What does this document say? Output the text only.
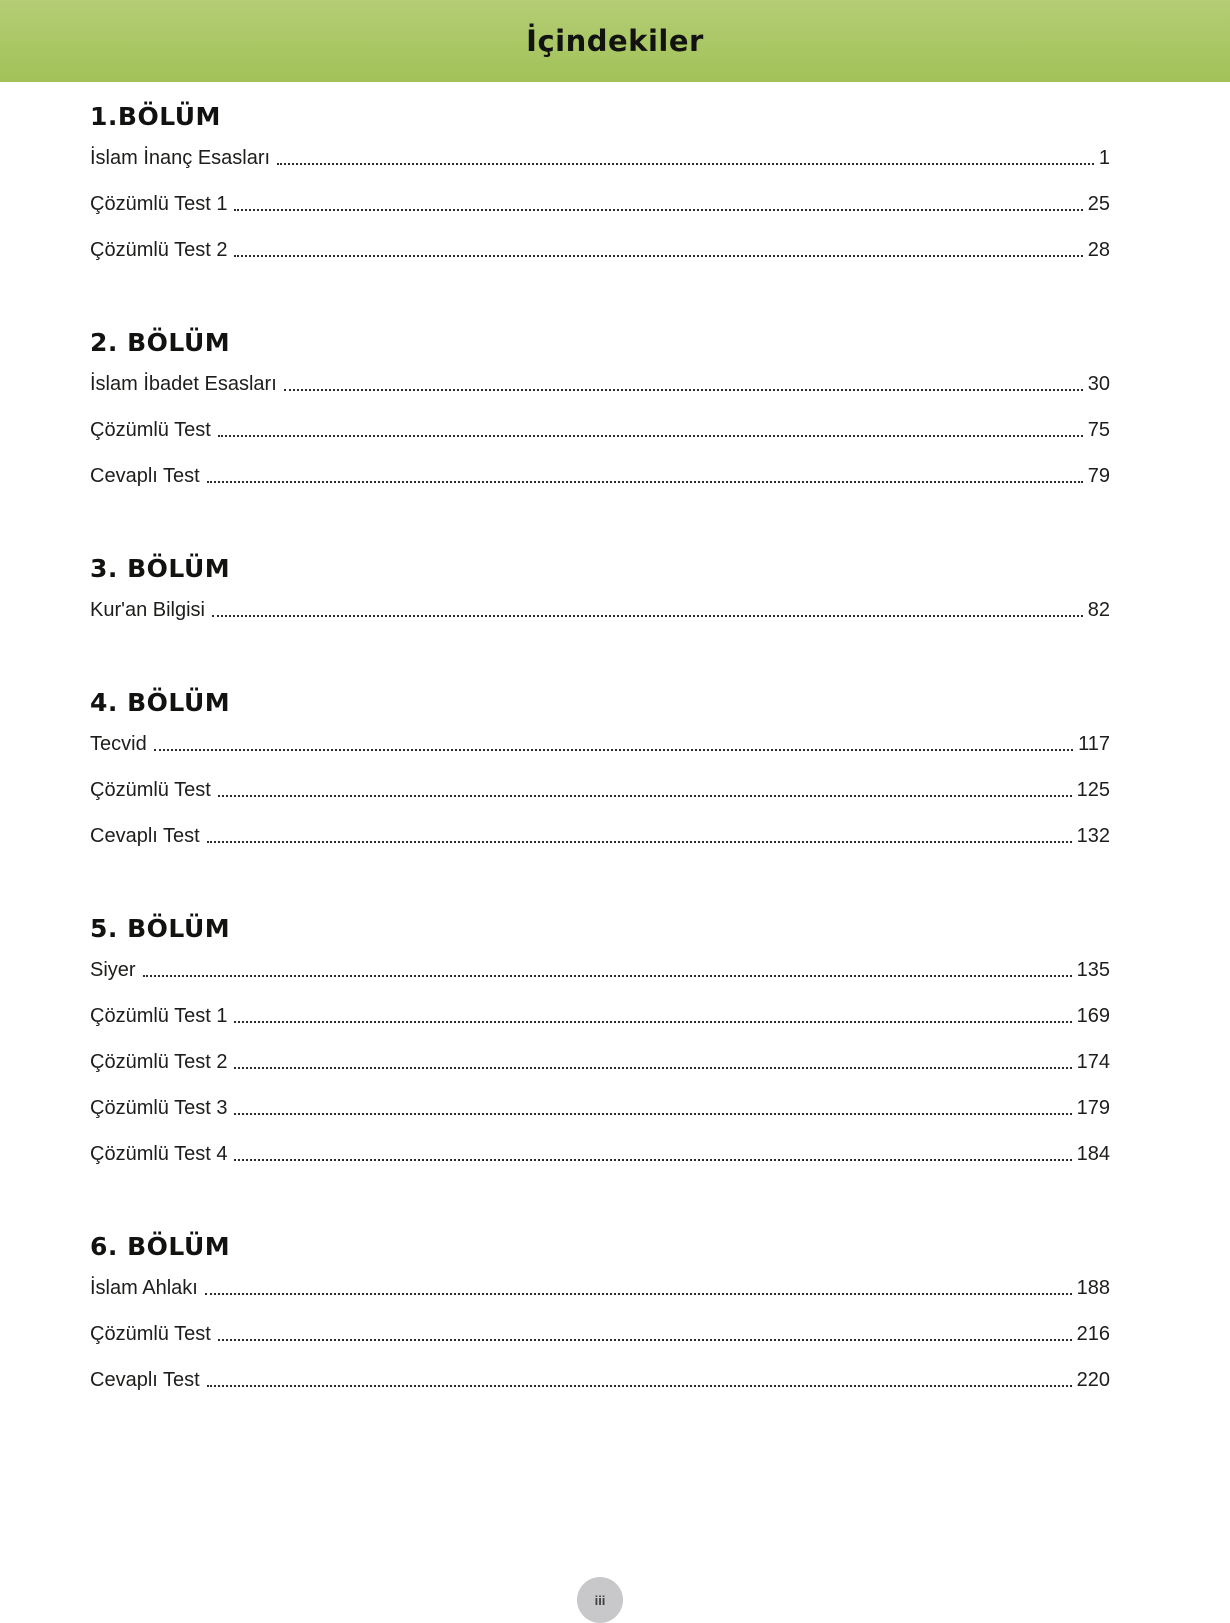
İçindekiler
1.BÖLÜM
İslam İnanç Esasları	1
Çözümlü Test 1	25
Çözümlü Test 2	28
2. BÖLÜM
İslam İbadet Esasları	30
Çözümlü Test	75
Cevaplı Test	79
3. BÖLÜM
Kur'an Bilgisi	82
4. BÖLÜM
Tecvid	117
Çözümlü Test	125
Cevaplı Test	132
5. BÖLÜM
Siyer	135
Çözümlü Test 1	169
Çözümlü Test 2	174
Çözümlü Test 3	179
Çözümlü Test 4	184
6. BÖLÜM
İslam Ahlakı	188
Çözümlü Test	216
Cevaplı Test	220
iii
